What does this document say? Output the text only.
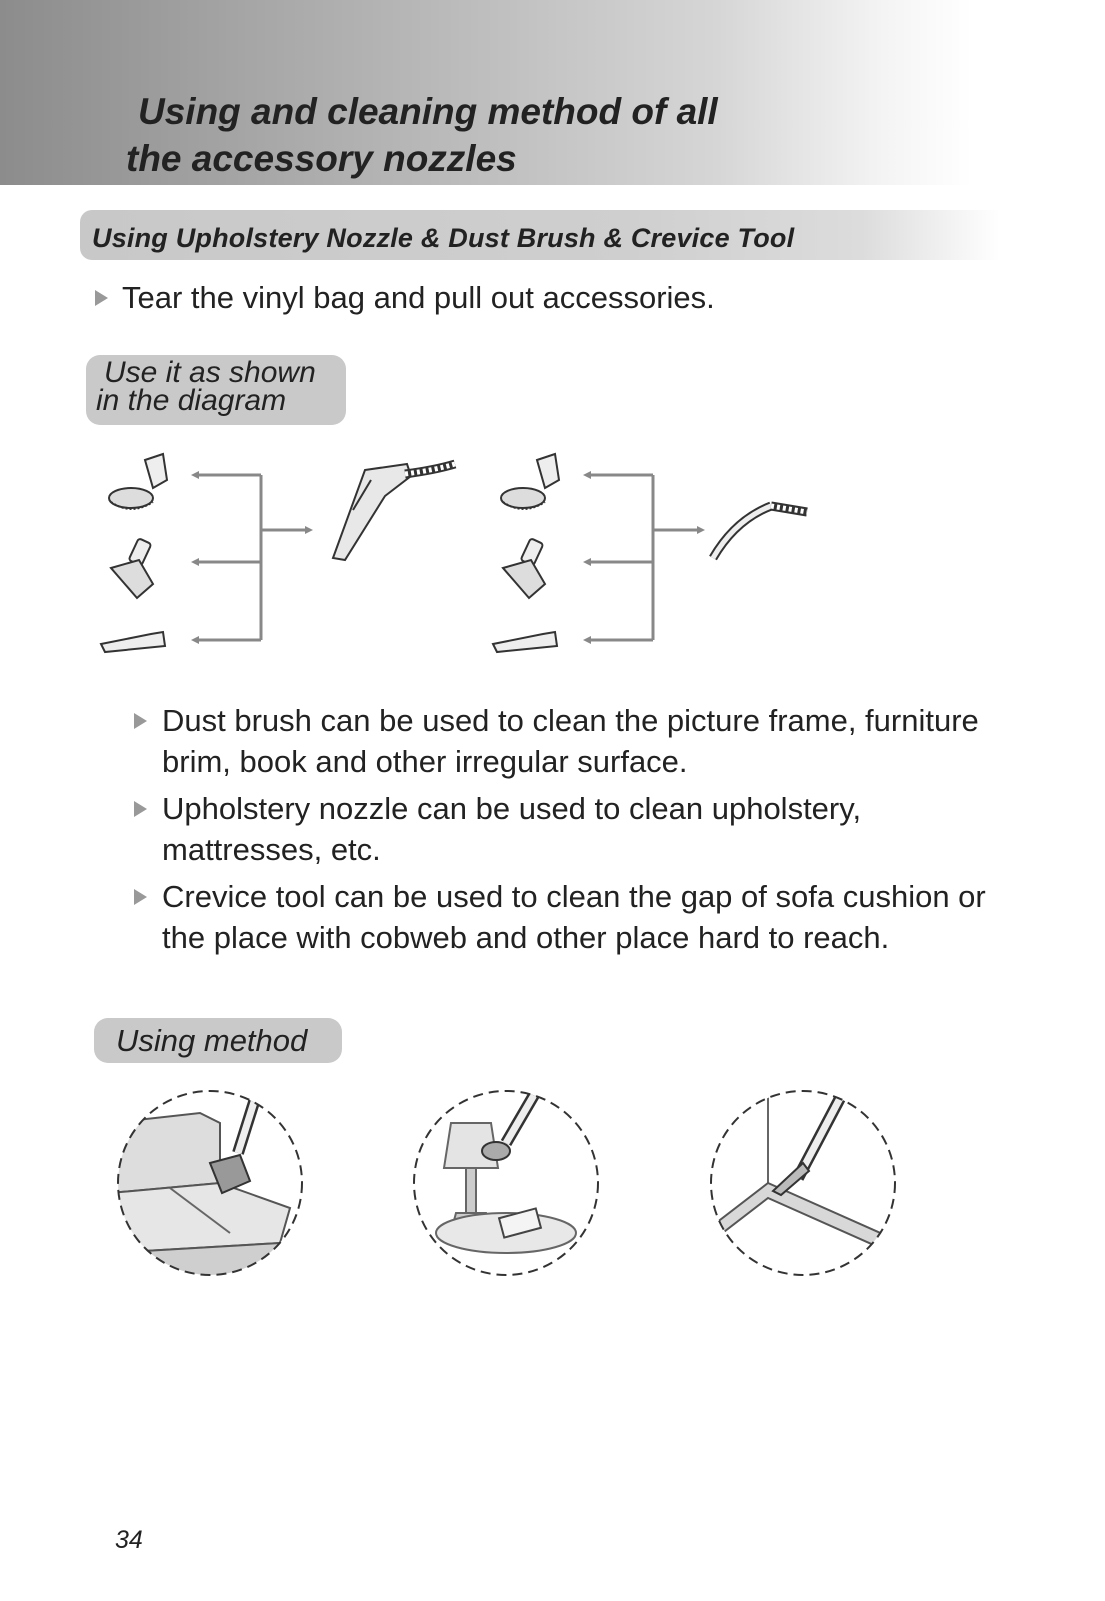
Using and cleaning method of all
the accessory nozzles
Using Upholstery Nozzle & Dust Brush & Crevice Tool
Tear the vinyl bag and pull out accessories.
Use it as shown
in the diagram
Dust brush can be used to clean the picture frame, furniture brim, book and other irregular surface.
Upholstery nozzle can be used to clean upholstery, mattresses, etc.
Crevice tool can be used to clean the gap of sofa cushion or the place with cobweb and other place hard to reach.
Using method
34
